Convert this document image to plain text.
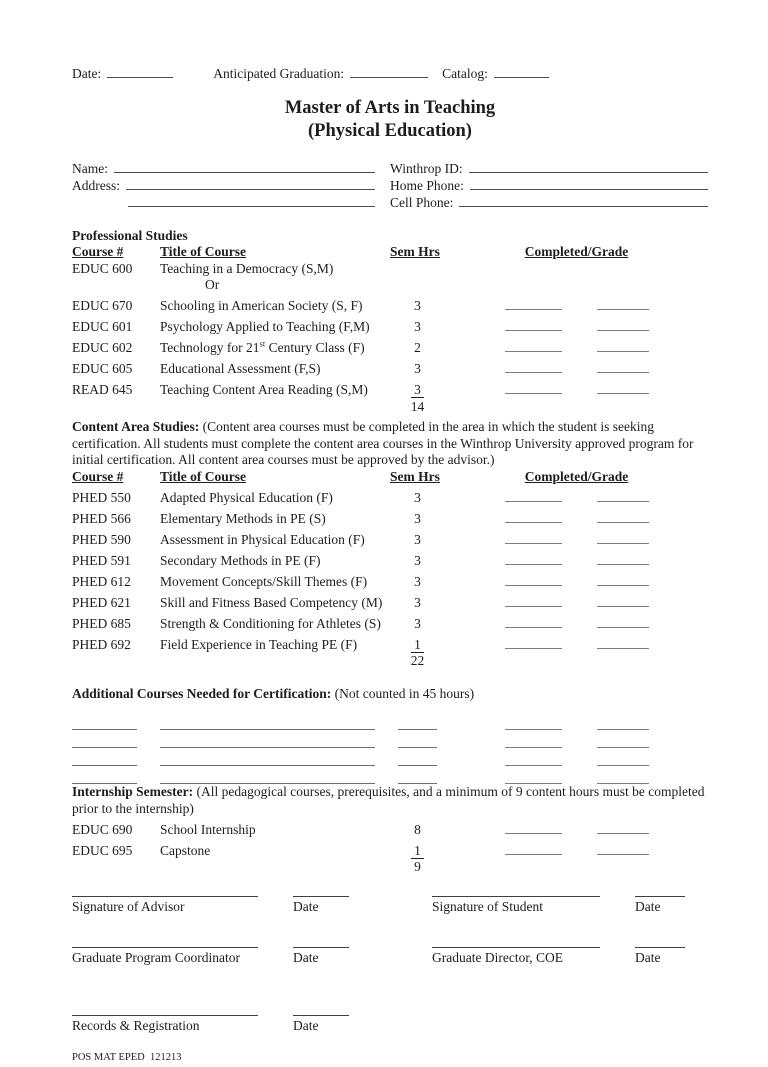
Date:	Anticipated Graduation:	Catalog:
Master of Arts in Teaching
(Physical Education)
Name:
Address:
Winthrop ID:
Home Phone:
Cell Phone:
Professional Studies
Course #	Title of Course	Sem Hrs	Completed/Grade
EDUC 600	Teaching in a Democracy (S,M)
Or
EDUC 670	Schooling in American Society (S, F)	3
EDUC 601	Psychology Applied to Teaching (F,M)	3
EDUC 602	Technology for 21st Century Class (F)	2
EDUC 605	Educational Assessment (F,S)	3
READ 645	Teaching Content Area Reading (S,M)	3
14

Content Area Studies: (Content area courses must be completed in the area in which the student is seeking certification. All students must complete the content area courses in the Winthrop University approved program for initial certification. All content area courses must be approved by the advisor.)

Course #	Title of Course	Sem Hrs	Completed/Grade
PHED 550	Adapted Physical Education (F)	3
PHED 566	Elementary Methods in PE (S)	3
PHED 590	Assessment in Physical Education (F)	3
PHED 591	Secondary Methods in PE (F)	3
PHED 612	Movement Concepts/Skill Themes (F)	3
PHED 621	Skill and Fitness Based Competency (M)	3
PHED 685	Strength & Conditioning for Athletes (S)	3
PHED 692	Field Experience in Teaching PE (F)	1
22

Additional Courses Needed for Certification: (Not counted in 45 hours)

Internship Semester: (All pedagogical courses, prerequisites, and a minimum of 9 content hours must be completed prior to the internship)

EDUC 690	School Internship	8
EDUC 695	Capstone	1
9
Signature of Advisor	Date	Signature of Student	Date
Graduate Program Coordinator	Date	Graduate Director, COE	Date
Records & Registration	Date
POS MAT EPED  121213
